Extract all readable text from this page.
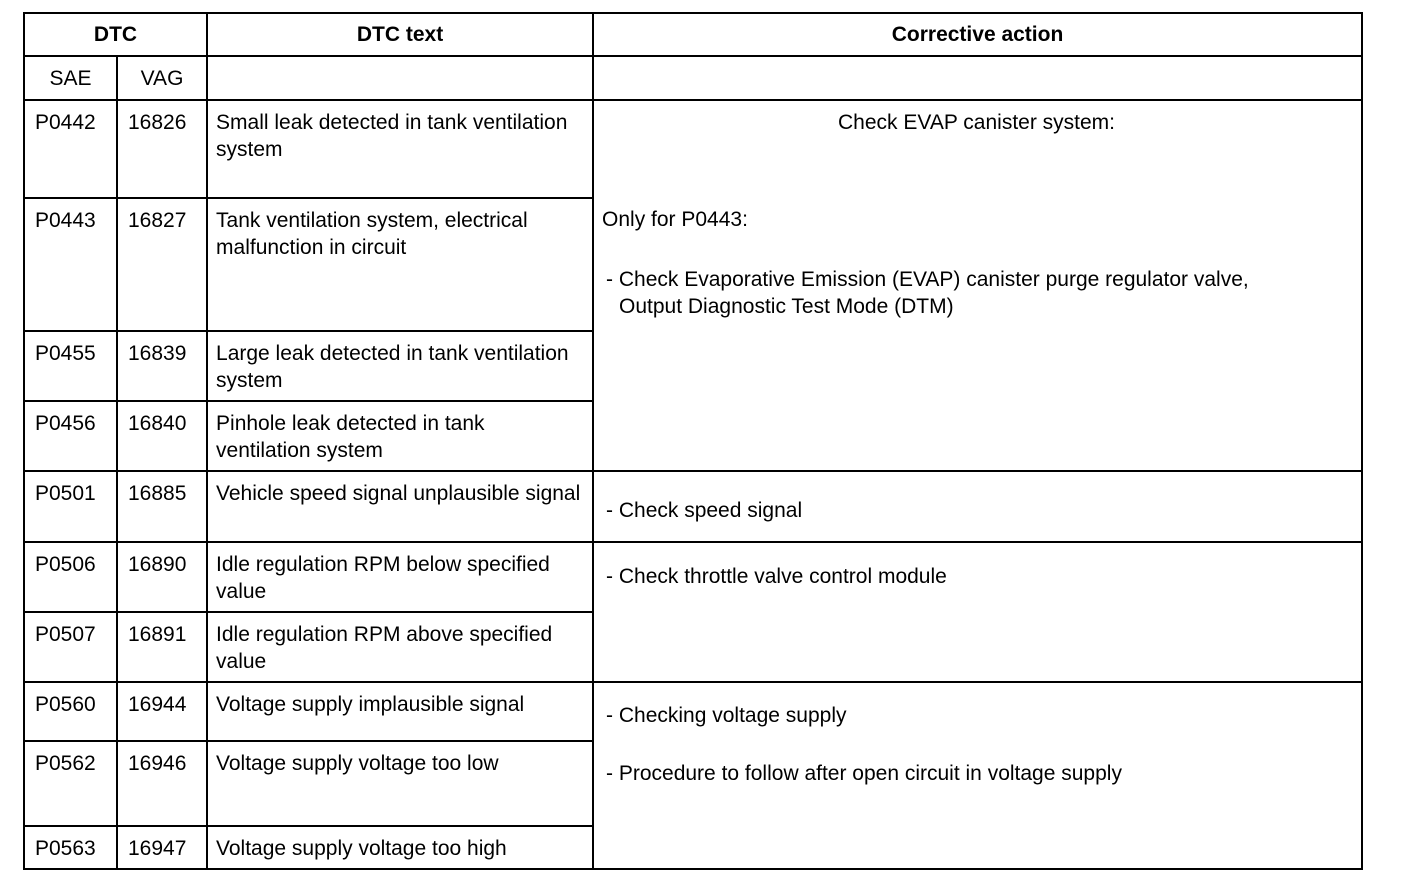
DTC		DTC text	Corrective action
SAE	VAG		
P0442	16826	Small leak detected in tank ventilation system	Check EVAP canister system:
Only for P0443:
- Check Evaporative Emission (EVAP) canister purge regulator valve,
Output Diagnostic Test Mode (DTM)

P0443	16827	Tank ventilation system, electrical malfunction in circuit	
P0455	16839	Large leak detected in tank ventilation system	
P0456	16840	Pinhole leak detected in tank ventilation system	
P0501	16885	Vehicle speed signal unplausible signal	- Check speed signal
P0506	16890	Idle regulation RPM below specified value	- Check throttle valve control module
P0507	16891	Idle regulation RPM above specified value	
P0560	16944	Voltage supply implausible signal	- Checking voltage supply
- Procedure to follow after open circuit in voltage supply

P0562	16946	Voltage supply voltage too low	
P0563	16947	Voltage supply voltage too high	
